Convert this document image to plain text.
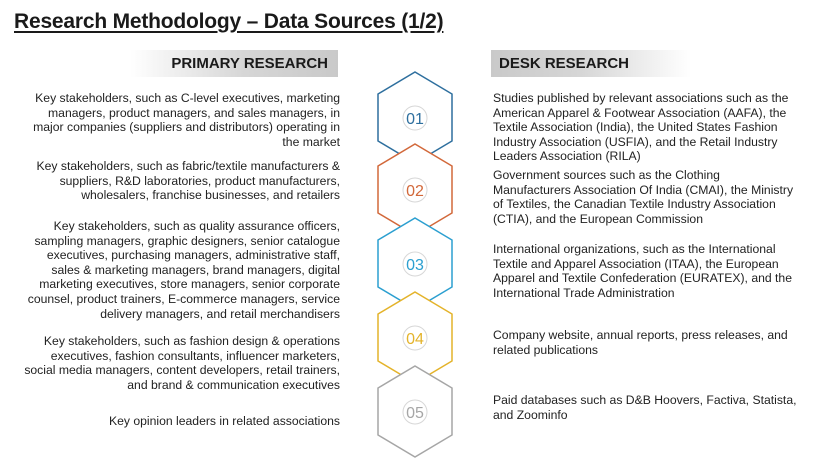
Research Methodology – Data Sources (1/2)
PRIMARY RESEARCH	DESK RESEARCH
Key stakeholders, such as C-level executives, marketing managers, product managers, and sales managers, in major companies (suppliers and distributors) operating in the market
Key stakeholders, such as fabric/textile manufacturers & suppliers, R&D laboratories, product manufacturers, wholesalers, franchise businesses, and retailers
Key stakeholders, such as quality assurance officers, sampling managers, graphic designers, senior catalogue executives, purchasing managers, administrative staff, sales & marketing managers, brand managers, digital marketing executives, store managers, senior corporate counsel, product trainers, E-commerce managers, service delivery managers, and retail merchandisers
Key stakeholders, such as fashion design & operations executives, fashion consultants, influencer marketers, social media managers, content developers, retail trainers, and brand & communication executives
Key opinion leaders in related associations
Studies published by relevant associations such as the American Apparel & Footwear Association (AAFA), the Textile Association (India), the United States Fashion Industry Association (USFIA), and the Retail Industry Leaders Association (RILA)
Government sources such as the Clothing Manufacturers Association Of India (CMAI), the Ministry of Textiles, the Canadian Textile Industry Association (CTIA), and the European Commission
International organizations, such as the International Textile and Apparel Association (ITAA), the European Apparel and Textile Confederation (EURATEX), and the International Trade Administration
Company website, annual reports, press releases, and related publications
Paid databases such as D&B Hoovers, Factiva, Statista, and Zoominfo
01
02
03
04
05
